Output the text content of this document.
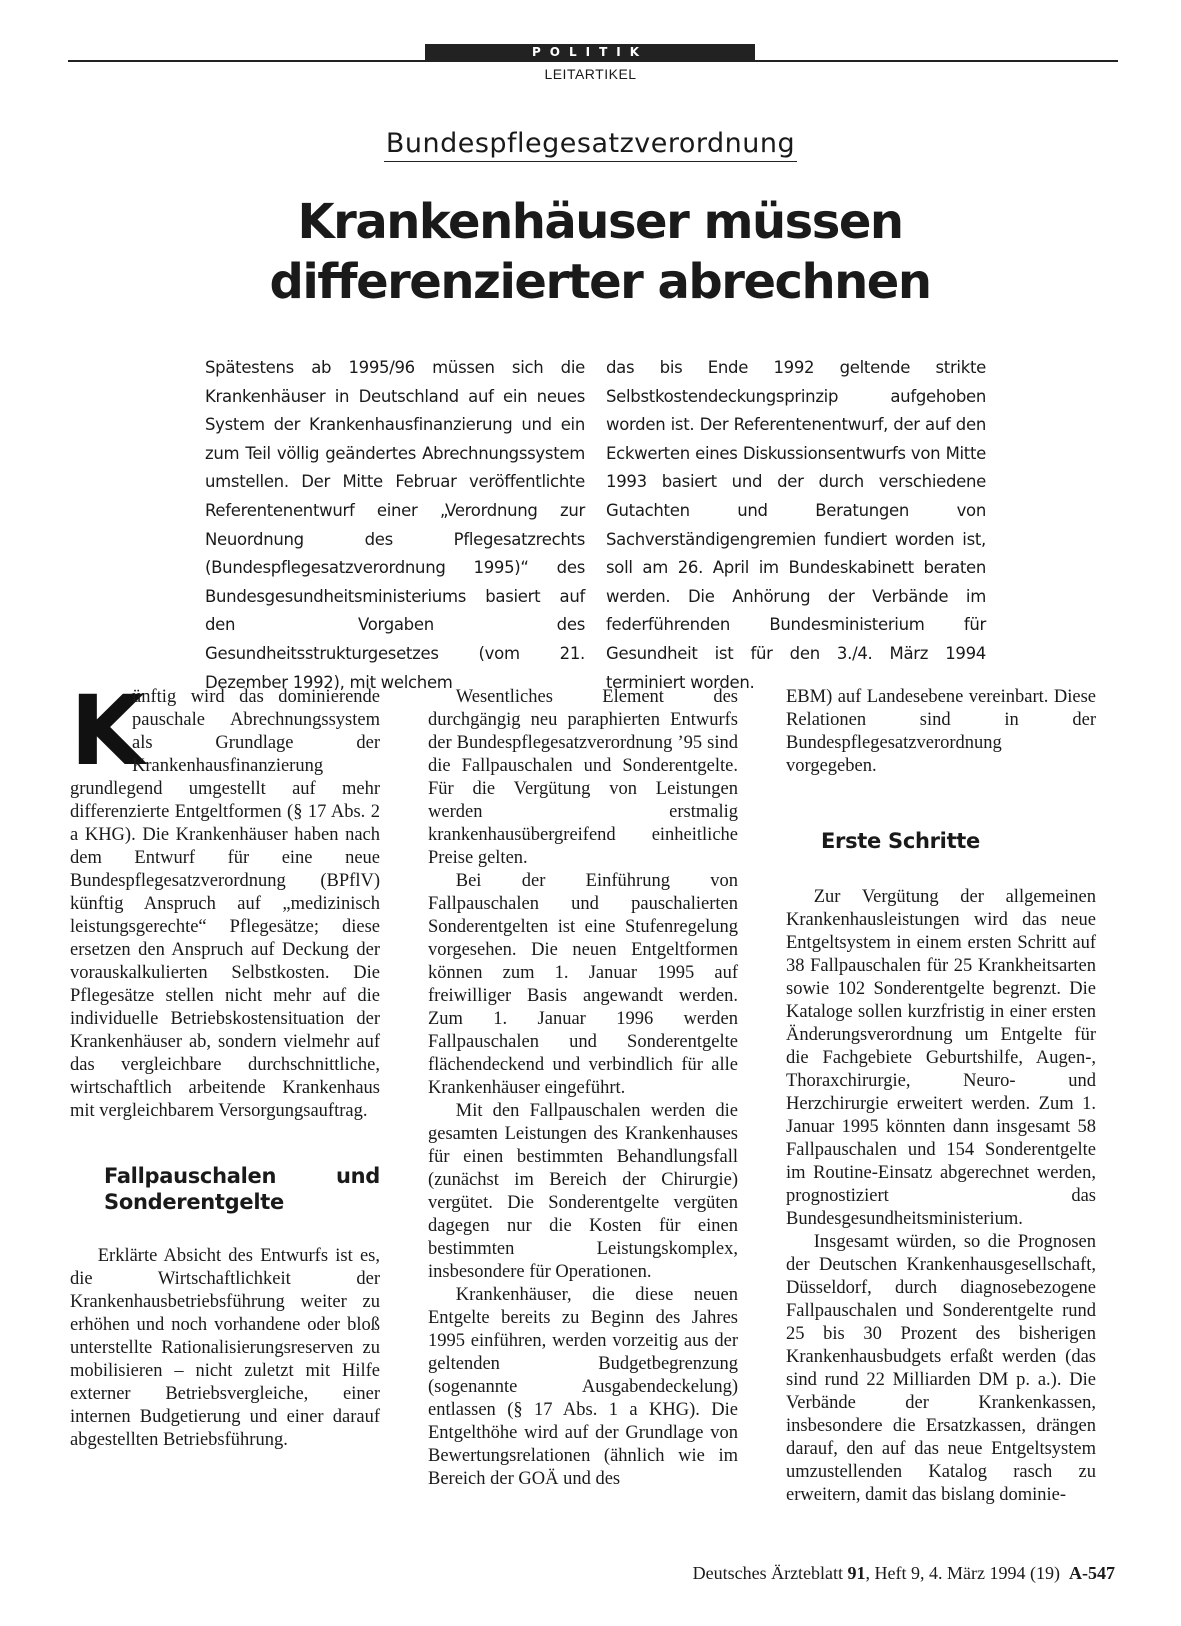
POLITIK
LEITARTIKEL
Bundespflegesatzverordnung
Krankenhäuser müssen
differenzierter abrechnen
Spätestens ab 1995/96 müssen sich die Krankenhäuser in Deutschland auf ein neues System der Krankenhausfinanzierung und ein zum Teil völlig geändertes Abrechnungssystem umstellen. Der Mitte Februar veröffentlichte Referentenentwurf einer „Verordnung zur Neuordnung des Pflegesatzrechts (Bundespflegesatzverordnung 1995)“ des Bundesgesundheitsministeriums basiert auf den Vorgaben des Gesundheitsstrukturgesetzes (vom 21. Dezember 1992), mit welchem
das bis Ende 1992 geltende strikte Selbstkostendeckungsprinzip aufgehoben worden ist. Der Referentenentwurf, der auf den Eckwerten eines Diskussionsentwurfs von Mitte 1993 basiert und der durch verschiedene Gutachten und Beratungen von Sachverständigengremien fundiert worden ist, soll am 26. April im Bundeskabinett beraten werden. Die Anhörung der Verbände im federführenden Bundesministerium für Gesundheit ist für den 3./4. März 1994 terminiert worden.

K
ünftig wird das dominierende pauschale Abrechnungssystem als Grundlage der Krankenhausfinanzierung grundlegend umgestellt auf mehr differenzierte Entgeltformen (§ 17 Abs. 2 a KHG). Die Krankenhäuser haben nach dem Entwurf für eine neue Bundespflegesatzverordnung (BPflV) künftig Anspruch auf „medizinisch leistungsgerechte“ Pflegesätze; diese ersetzen den Anspruch auf Deckung der vorauskalkulierten Selbstkosten. Die Pflegesätze stellen nicht mehr auf die individuelle Betriebskostensituation der Krankenhäuser ab, sondern vielmehr auf das vergleichbare durchschnittliche, wirtschaftlich arbeitende Krankenhaus mit vergleichbarem Versorgungsauftrag.

Fallpauschalen und Sonderentgelte

Erklärte Absicht des Entwurfs ist es, die Wirtschaftlichkeit der Krankenhausbetriebsführung weiter zu erhöhen und noch vorhandene oder bloß unterstellte Rationalisierungsreserven zu mobilisieren – nicht zuletzt mit Hilfe externer Betriebsvergleiche, einer internen Budgetierung und einer darauf abgestellten Betriebsführung.

Wesentliches Element des durchgängig neu paraphierten Entwurfs der Bundespflegesatzverordnung ’95 sind die Fallpauschalen und Sonderentgelte. Für die Vergütung von Leistungen werden erstmalig krankenhausübergreifend einheitliche Preise gelten.

Bei der Einführung von Fallpauschalen und pauschalierten Sonderentgelten ist eine Stufenregelung vorgesehen. Die neuen Entgeltformen können zum 1. Januar 1995 auf freiwilliger Basis angewandt werden. Zum 1. Januar 1996 werden Fallpauschalen und Sonderentgelte flächendeckend und verbindlich für alle Krankenhäuser eingeführt.

Mit den Fallpauschalen werden die gesamten Leistungen des Krankenhauses für einen bestimmten Behandlungsfall (zunächst im Bereich der Chirurgie) vergütet. Die Sonderentgelte vergüten dagegen nur die Kosten für einen bestimmten Leistungskomplex, insbesondere für Operationen.

Krankenhäuser, die diese neuen Entgelte bereits zu Beginn des Jahres 1995 einführen, werden vorzeitig aus der geltenden Budgetbegrenzung (sogenannte Ausgabendeckelung) entlassen (§ 17 Abs. 1 a KHG). Die Entgelthöhe wird auf der Grundlage von Bewertungsrelationen (ähnlich wie im Bereich der GOÄ und des

EBM) auf Landesebene vereinbart. Diese Relationen sind in der Bundespflegesatzverordnung vorgegeben.

Erste Schritte

Zur Vergütung der allgemeinen Krankenhausleistungen wird das neue Entgeltsystem in einem ersten Schritt auf 38 Fallpauschalen für 25 Krankheitsarten sowie 102 Sonderentgelte begrenzt. Die Kataloge sollen kurzfristig in einer ersten Änderungsverordnung um Entgelte für die Fachgebiete Geburtshilfe, Augen-, Thoraxchirurgie, Neuro- und Herzchirurgie erweitert werden. Zum 1. Januar 1995 könnten dann insgesamt 58 Fallpauschalen und 154 Sonderentgelte im Routine-Einsatz abgerechnet werden, prognostiziert das Bundesgesundheitsministerium.

Insgesamt würden, so die Prognosen der Deutschen Krankenhausgesellschaft, Düsseldorf, durch diagnosebezogene Fallpauschalen und Sonderentgelte rund 25 bis 30 Prozent des bisherigen Krankenhausbudgets erfaßt werden (das sind rund 22 Milliarden DM p. a.). Die Verbände der Krankenkassen, insbesondere die Ersatzkassen, drängen darauf, den auf das neue Entgeltsystem umzustellenden Katalog rasch zu erweitern, damit das bislang dominie-

Deutsches Ärzteblatt 91, Heft 9, 4. März 1994 (19) A-547
